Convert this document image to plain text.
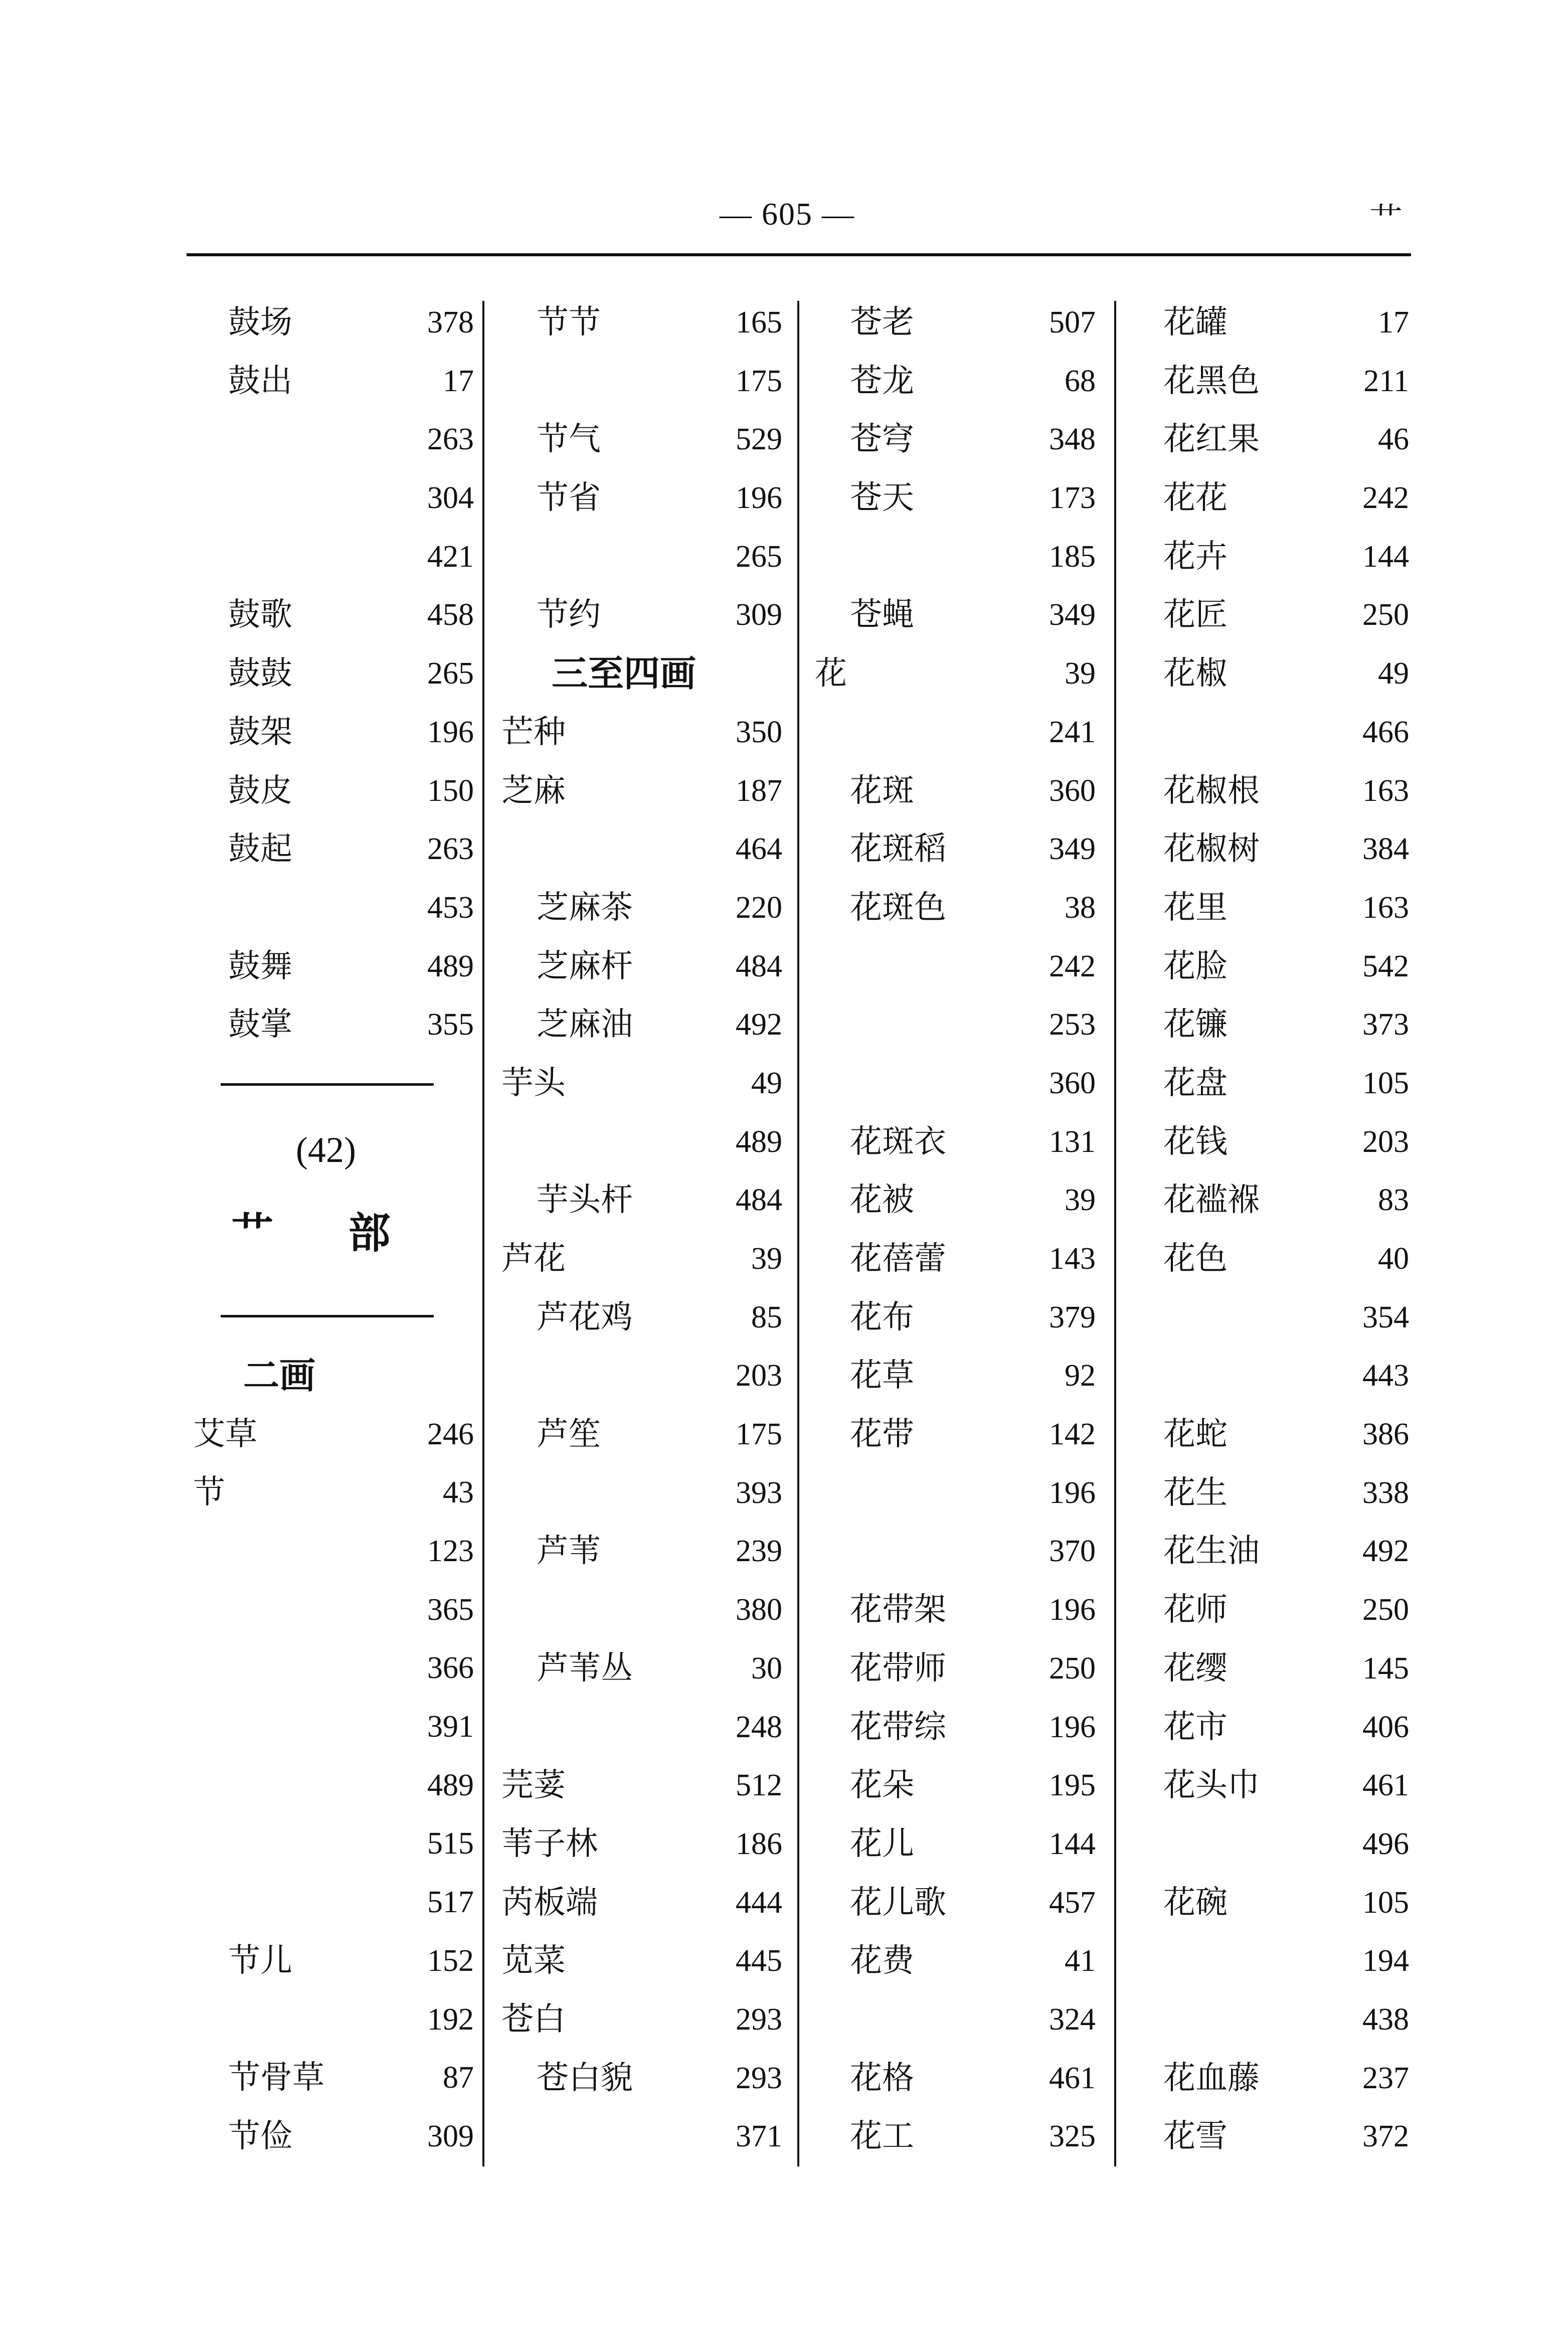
— 605 —	艹
鼓场	378
鼓出	17
263
304
421
鼓歌	458
鼓鼓	265
鼓架	196
鼓皮	150
鼓起	263
453
鼓舞	489
鼓掌	355
(42)
艹 部
二画
艾草	246
节	43
123
365
366
391
489
515
517
节儿	152
192
节骨草	87
节俭	309
节节	165
175
节气	529
节省	196
265
节约	309
三至四画
芒种	350
芝麻	187
464
芝麻茶	220
芝麻杆	484
芝麻油	492
芋头	49
489
芋头杆	484
芦花	39
芦花鸡	85
203
芦笙	175
393
芦苇	239
380
芦苇丛	30
248
芫荽	512
苇子林	186
芮板端	444
苋菜	445
苍白	293
苍白貌	293
371
苍老	507
苍龙	68
苍穹	348
苍天	173
185
苍蝇	349
花	39
241
花斑	360
花斑稻	349
花斑色	38
242
253
360
花斑衣	131
花被	39
花蓓蕾	143
花布	379
花草	92
花带	142
196
370
花带架	196
花带师	250
花带综	196
花朵	195
花儿	144
花儿歌	457
花费	41
324
花格	461
花工	325
花罐	17
花黑色	211
花红果	46
花花	242
花卉	144
花匠	250
花椒	49
466
花椒根	163
花椒树	384
花里	163
花脸	542
花镰	373
花盘	105
花钱	203
花褴褓	83
花色	40
354
443
花蛇	386
花生	338
花生油	492
花师	250
花缨	145
花市	406
花头巾	461
496
花碗	105
194
438
花血藤	237
花雪	372
